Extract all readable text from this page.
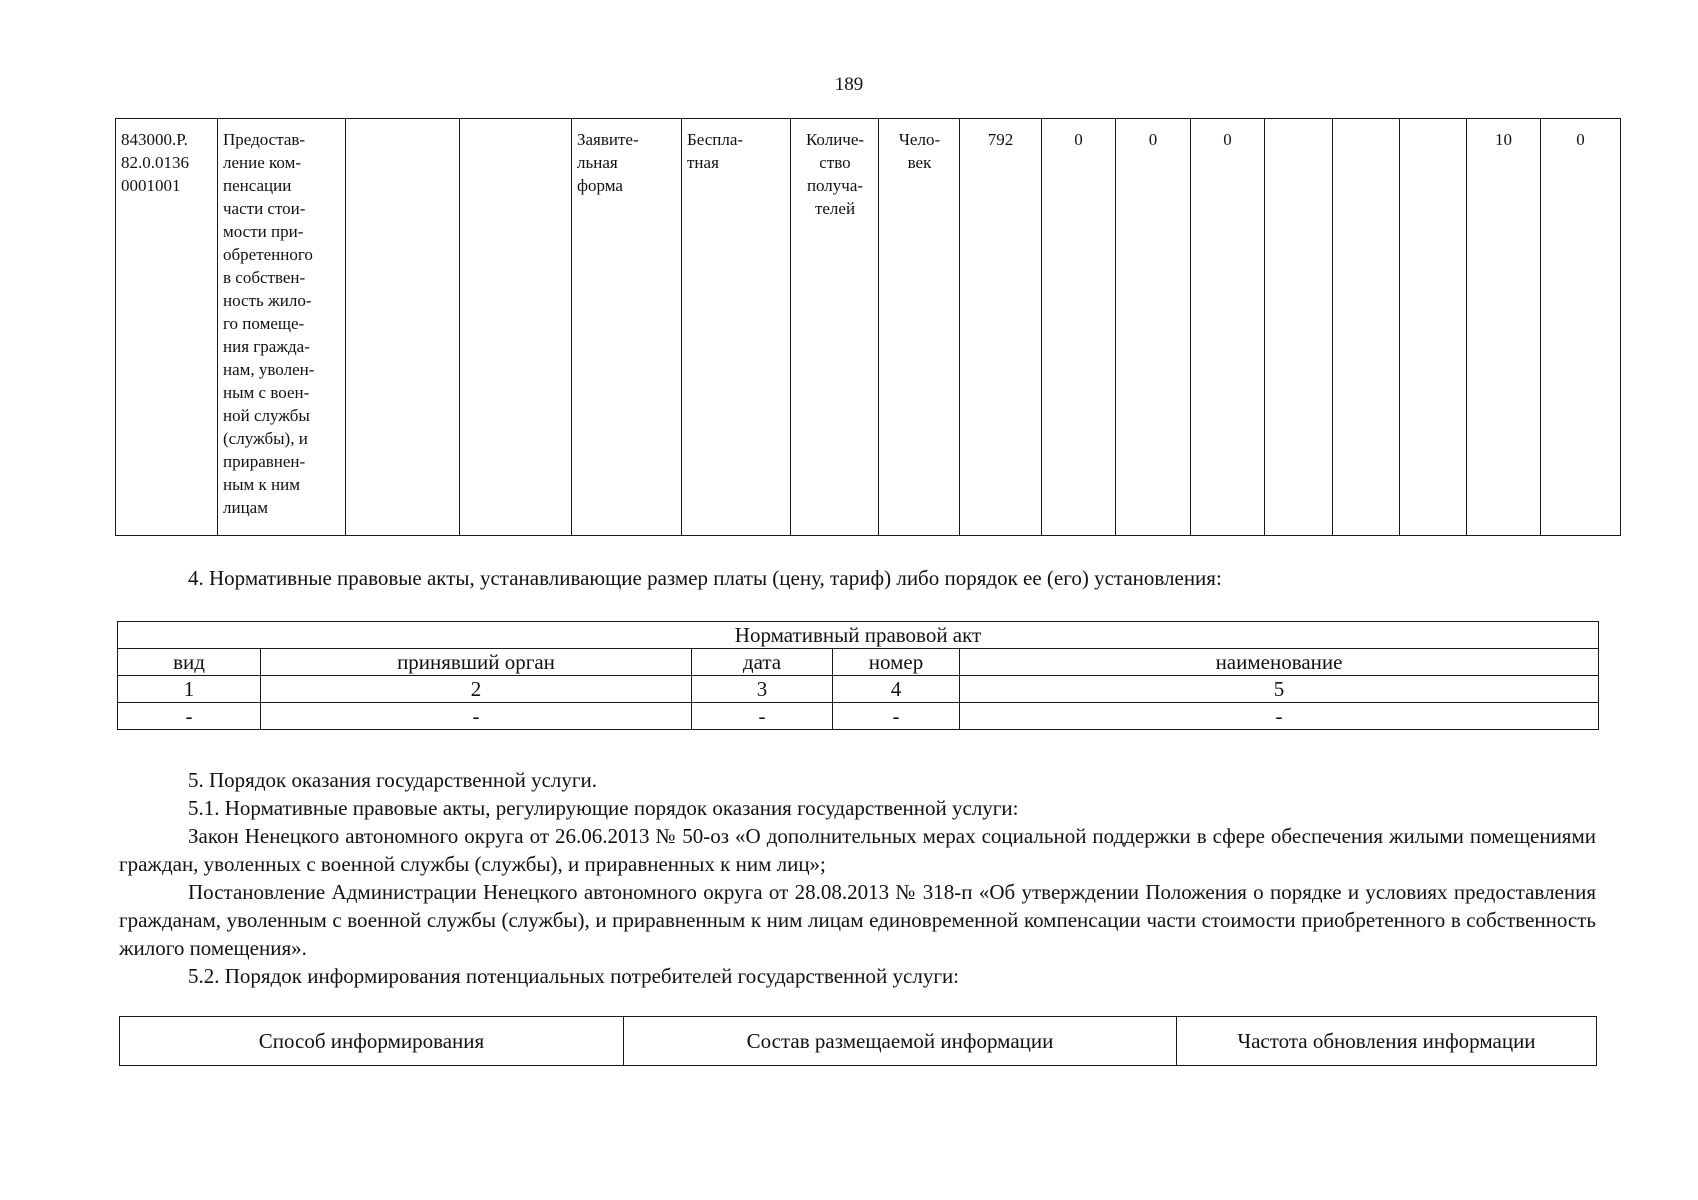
189
843000.Р.
82.0.0136
0001001	Предостав-
ление ком-
пенсации
части стои-
мости при-
обретенного
в собствен-
ность жило-
го помеще-
ния гражда-
нам, уволен-
ным с воен-
ной службы
(службы), и
приравнен-
ным к ним
лицам			Заявите-
льная
форма	Беспла-
тная	Количе-
ство
получа-
телей	Чело-
век	792	0	0	0				10	0
4. Нормативные правовые акты, устанавливающие размер платы (цену, тариф) либо порядок ее (его) установления:
Нормативный правовой акт				
вид	принявший орган	дата	номер	наименование
1	2	3	4	5
-	-	-	-	-

5. Порядок оказания государственной услуги.

5.1. Нормативные правовые акты, регулирующие порядок оказания государственной услуги:

Закон Ненецкого автономного округа от 26.06.2013 № 50-оз «О дополнительных мерах социальной поддержки в сфере обеспечения жилыми помещениями граждан, уволенных с военной службы (службы), и приравненных к ним лиц»;

Постановление Администрации Ненецкого автономного округа от 28.08.2013 № 318-п «Об утверждении Положения о порядке и условиях предоставления гражданам, уволенным с военной службы (службы), и приравненным к ним лицам единовременной компенсации части стоимости приобретенного в собственность жилого помещения».

5.2. Порядок информирования потенциальных потребителей государственной услуги:

Способ информирования	Состав размещаемой информации	Частота обновления информации
